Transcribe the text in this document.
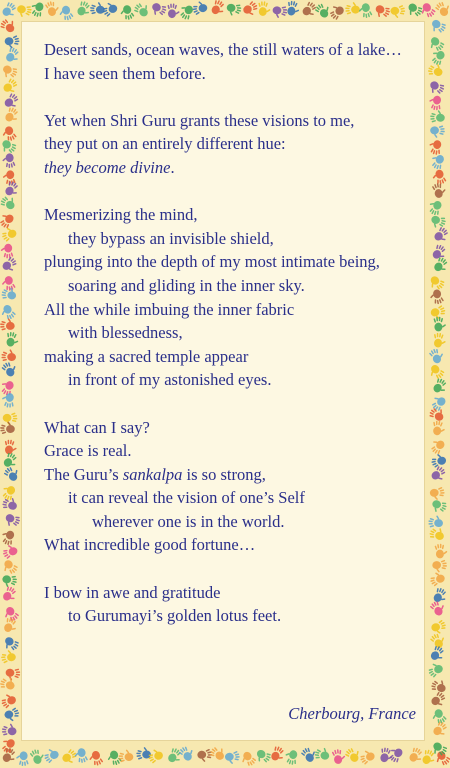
Desert sands, ocean waves, the still waters of a lake…
I have seen them before.
Yet when Shri Guru grants these visions to me,
they put on an entirely different hue:
they become divine.
Mesmerizing the mind,
they bypass an invisible shield,
plunging into the depth of my most intimate being,
soaring and gliding in the inner sky.
All the while imbuing the inner fabric
with blessedness,
making a sacred temple appear
in front of my astonished eyes.
What can I say?
Grace is real.
The Guru’s sankalpa is so strong,
it can reveal the vision of one’s Self
wherever one is in the world.
What incredible good fortune…
I bow in awe and gratitude
to Gurumayi’s golden lotus feet.
Cherbourg, France
